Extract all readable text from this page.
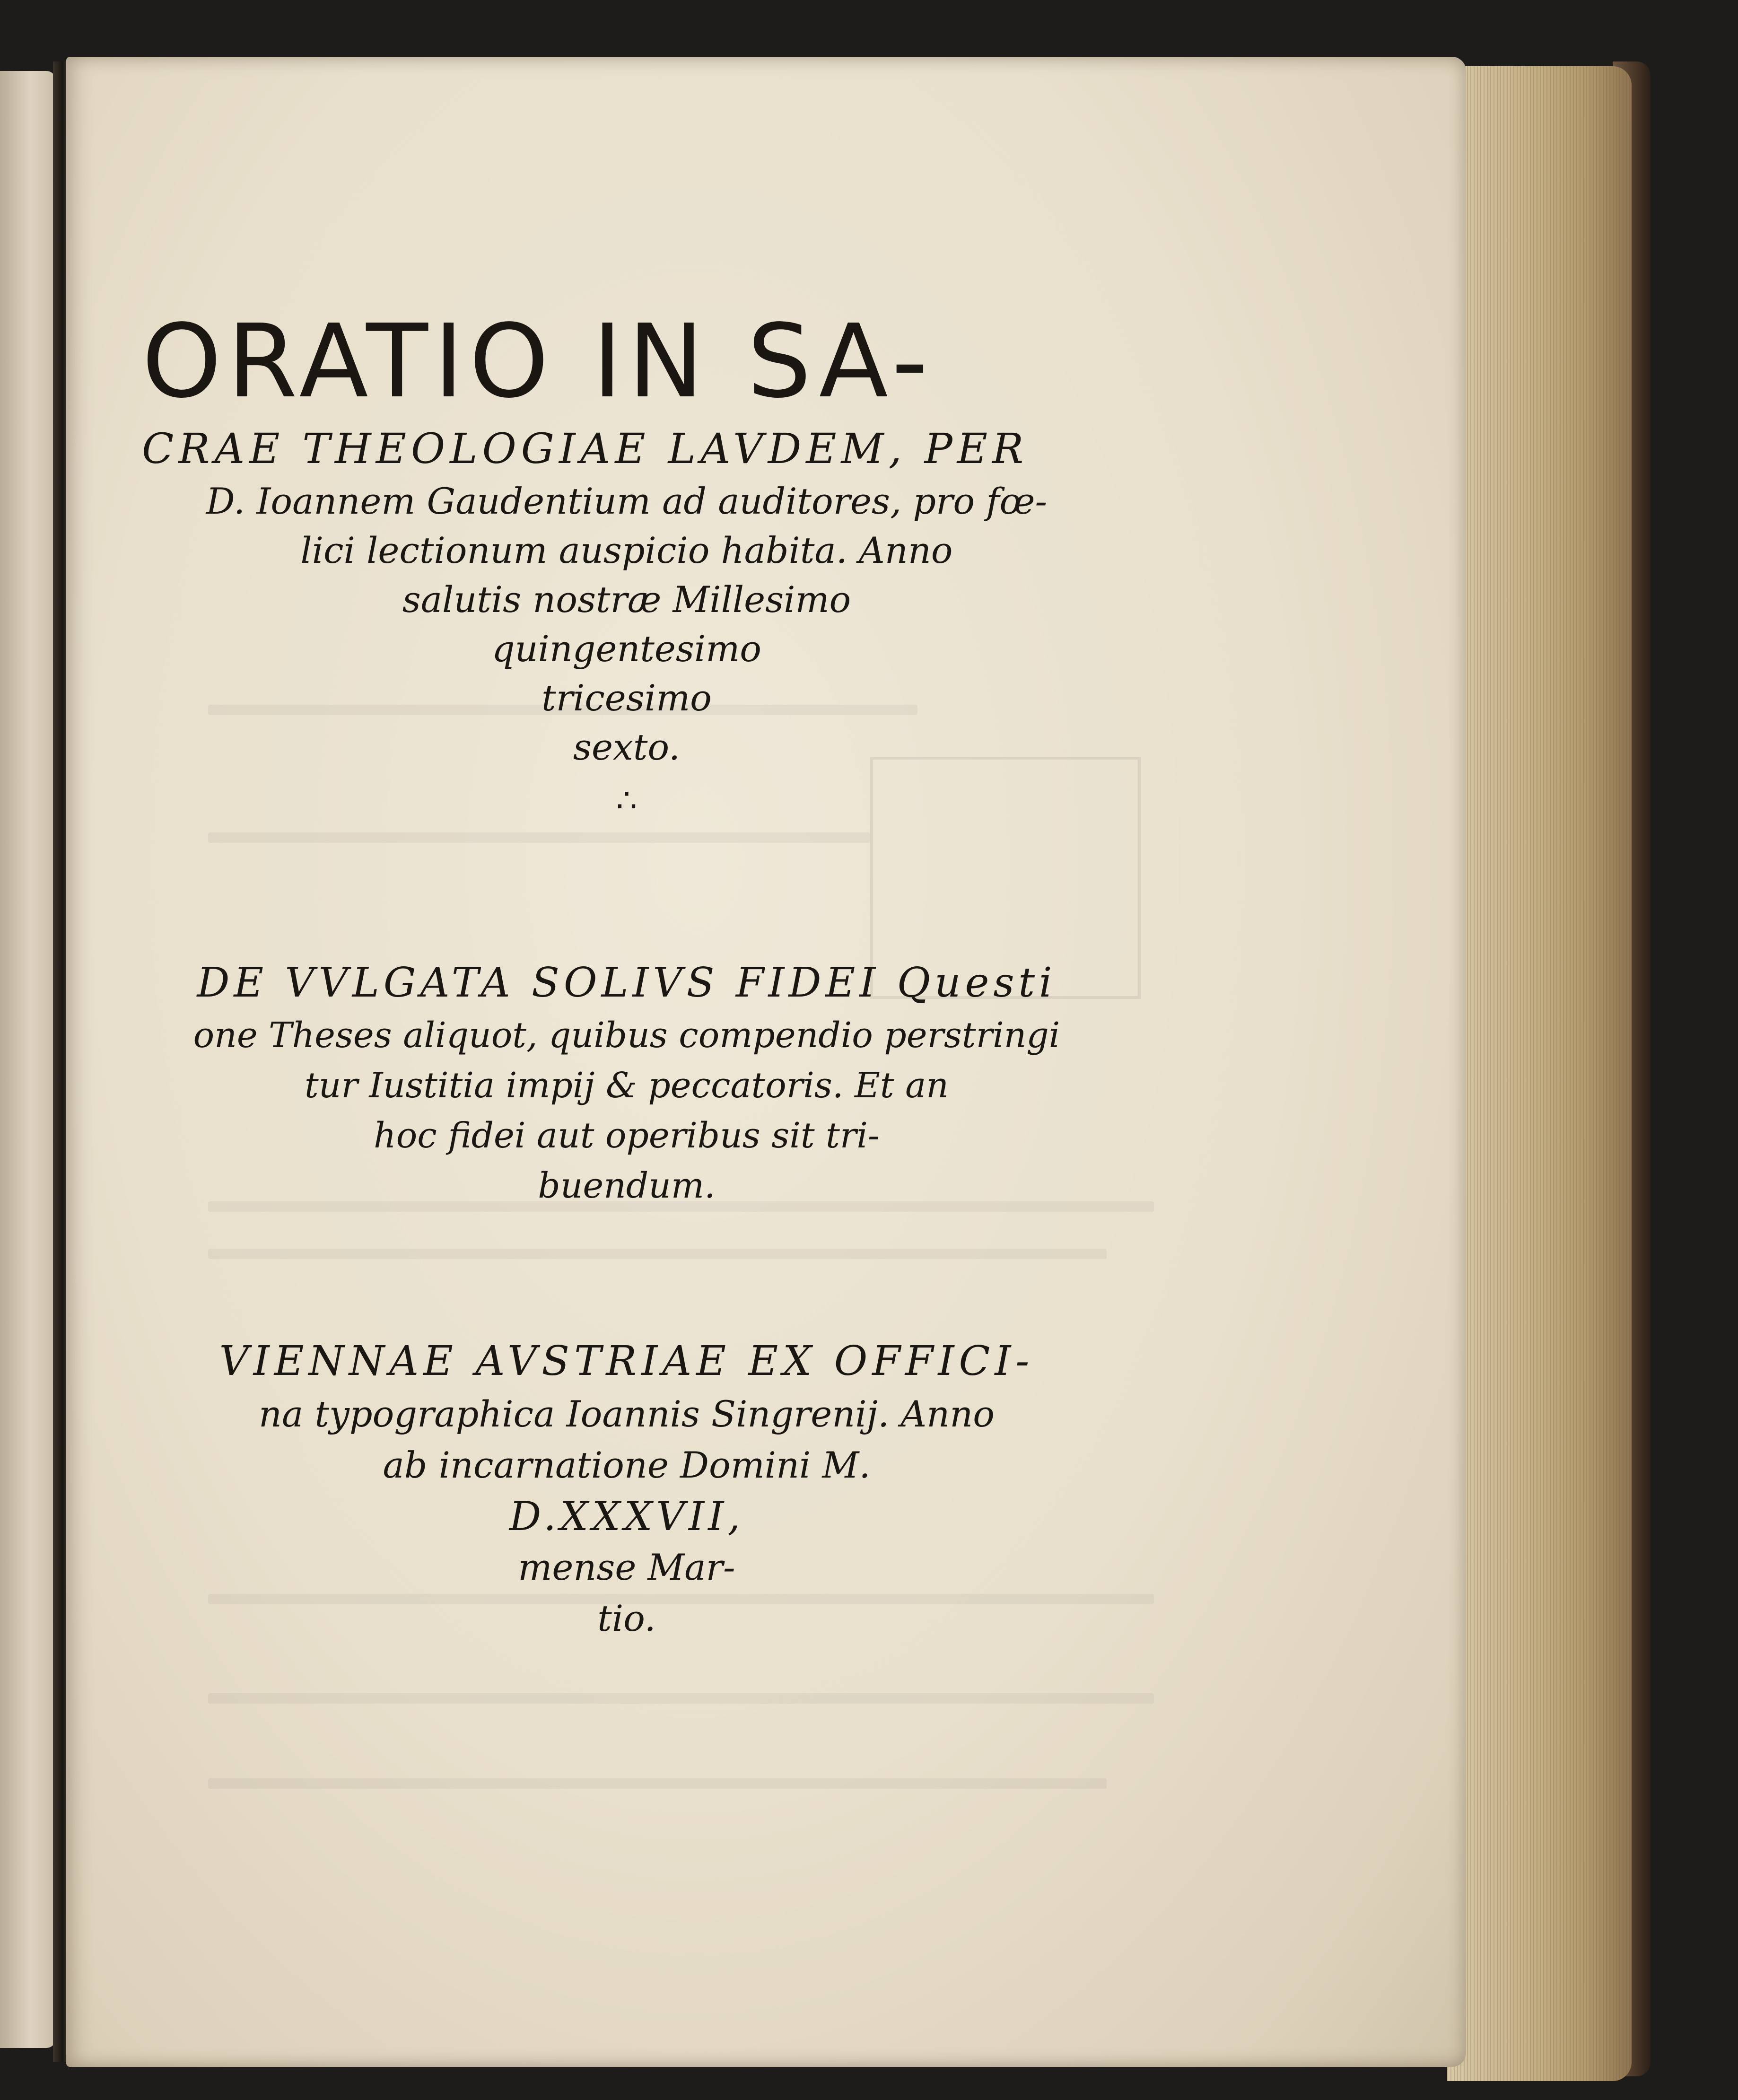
ORATIO IN SA-
CRAE THEOLOGIAE LAVDEM, PER
D. Ioannem Gaudentium ad auditores, pro fœ-
lici lectionum auspicio habita. Anno
salutis nostræ Millesimo
quingentesimo
tricesimo
sexto.
∴
DE VVLGATA SOLIVS FIDEI Questi
one Theses aliquot, quibus compendio perstringi
tur Iustitia impij & peccatoris. Et an
hoc fidei aut operibus sit tri-
buendum.
VIENNAE AVSTRIAE EX OFFICI-
na typographica Ioannis Singrenij. Anno
ab incarnatione Domini M.
D.XXXVII,
mense Mar-
tio.
